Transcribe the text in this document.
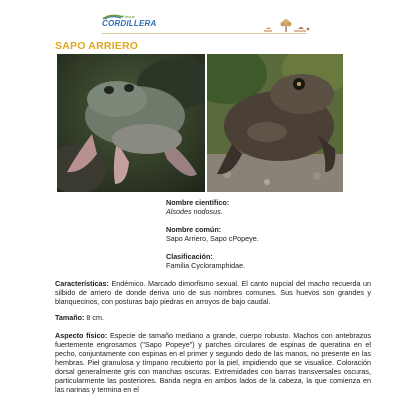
Parque
CORDILLERA
SAPO ARRIERO
Nombre científico:
Alsodes nodosus.
Nombre común:
Sapo Arriero, Sapo cPopeye.
Clasificación:
Familia Cycloramphidae.
Características: Endémico. Marcado dimorfismo sexual. El canto nupcial del macho recuerda un silbido de arriero de donde deriva uno de sus nombres comunes. Sus huevos son grandes y blanquecinos, con posturas bajo piedras en arroyos de bajo caudal.
Tamaño: 8 cm.
Aspecto físico: Especie de tamaño mediano a grande, cuerpo robusto. Machos con antebrazos fuertemente engrosamos ("Sapo Popeye") y parches circulares de espinas de queratina en el pecho, conjuntamente con espinas en el primer y segundo dedo de las manos, no presente en las hembras. Piel granulosa y tímpano recubierto por la piel, impidiendo que se visualice. Coloración dorsal generalmente gris con manchas oscuras. Extremidades con barras transversales oscuras, particularmente las posteriores. Banda negra en ambos lados de la cabeza, la que comienza en las narinas y termina en el
